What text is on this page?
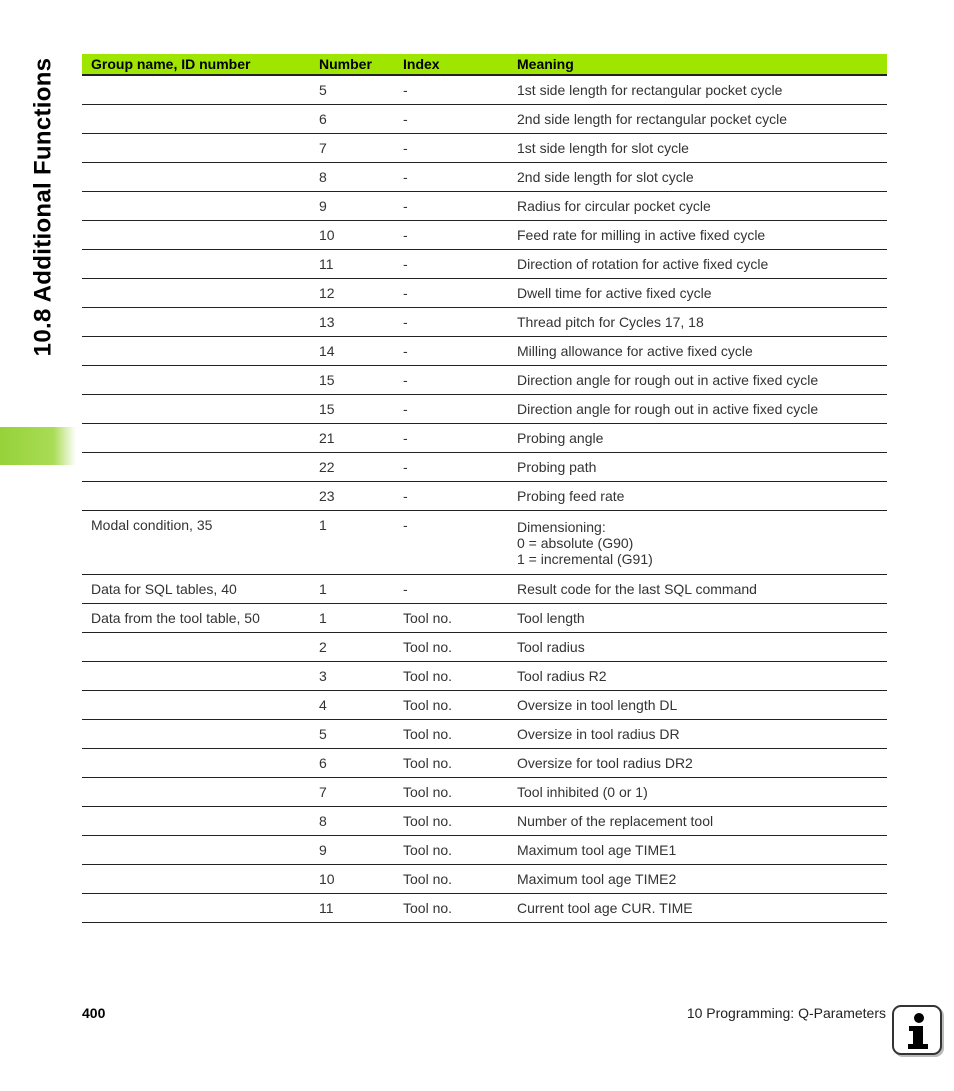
10.8 Additional Functions Group name, ID number	Number	Index	Meaning
	5	-	1st side length for rectangular pocket cycle
	6	-	2nd side length for rectangular pocket cycle
	7	-	1st side length for slot cycle
	8	-	2nd side length for slot cycle
	9	-	Radius for circular pocket cycle
	10	-	Feed rate for milling in active fixed cycle
	11	-	Direction of rotation for active fixed cycle
	12	-	Dwell time for active fixed cycle
	13	-	Thread pitch for Cycles 17, 18
	14	-	Milling allowance for active fixed cycle
	15	-	Direction angle for rough out in active fixed cycle
	15	-	Direction angle for rough out in active fixed cycle
	21	-	Probing angle
	22	-	Probing path
	23	-	Probing feed rate
Modal condition, 35	1	-	Dimensioning:
0 = absolute (G90)
1 = incremental (G91)

Data for SQL tables, 40	1	-	Result code for the last SQL command
Data from the tool table, 50	1	Tool no.	Tool length
	2	Tool no.	Tool radius
	3	Tool no.	Tool radius R2
	4	Tool no.	Oversize in tool length DL
	5	Tool no.	Oversize in tool radius DR
	6	Tool no.	Oversize for tool radius DR2
	7	Tool no.	Tool inhibited (0 or 1)
	8	Tool no.	Number of the replacement tool
	9	Tool no.	Maximum tool age TIME1
	10	Tool no.	Maximum tool age TIME2
	11	Tool no.	Current tool age CUR. TIME
400	10 Programming: Q-Parameters
